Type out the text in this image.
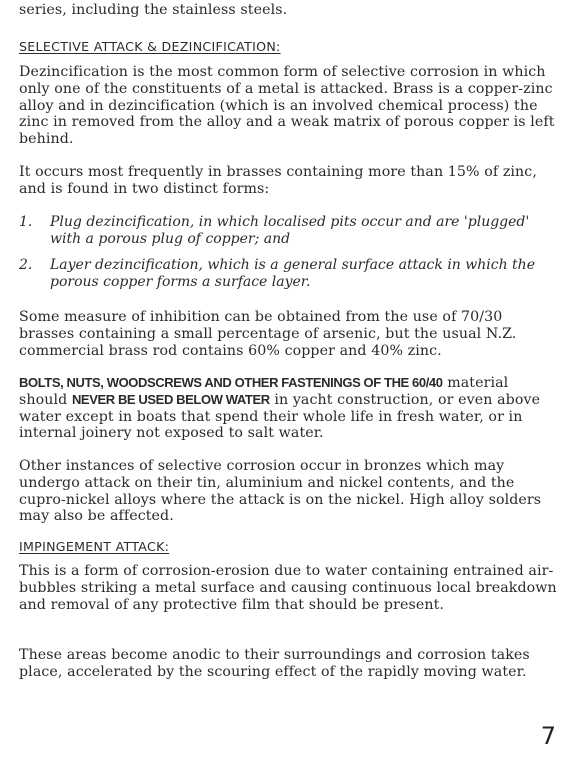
series, including the stainless steels.

SELECTIVE ATTACK & DEZINCIFICATION:

Dezincification is the most common form of selective corrosion in which only one of the constituents of a metal is attacked. Brass is a copper-zinc alloy and in dezincification (which is an involved chemical process) the zinc in removed from the alloy and a weak matrix of porous copper is left behind.

It occurs most frequently in brasses containing more than 15% of zinc, and is found in two distinct forms:

1. Plug dezincification, in which localised pits occur and are 'plugged' with a porous plug of copper; and
2. Layer dezincification, which is a general surface attack in which the porous copper forms a surface layer.

Some measure of inhibition can be obtained from the use of 70/30 brasses containing a small percentage of arsenic, but the usual N.Z. commercial brass rod contains 60% copper and 40% zinc.

BOLTS, NUTS, WOODSCREWS AND OTHER FASTENINGS OF THE 60/40 material should NEVER BE USED BELOW WATER in yacht construction, or even above water except in boats that spend their whole life in fresh water, or in internal joinery not exposed to salt water.

Other instances of selective corrosion occur in bronzes which may undergo attack on their tin, aluminium and nickel contents, and the cupro-nickel alloys where the attack is on the nickel. High alloy solders may also be affected.

IMPINGEMENT ATTACK:

This is a form of corrosion-erosion due to water containing entrained air-bubbles striking a metal surface and causing continuous local breakdown and removal of any protective film that should be present.

These areas become anodic to their surroundings and corrosion takes place, accelerated by the scouring effect of the rapidly moving water.

7
